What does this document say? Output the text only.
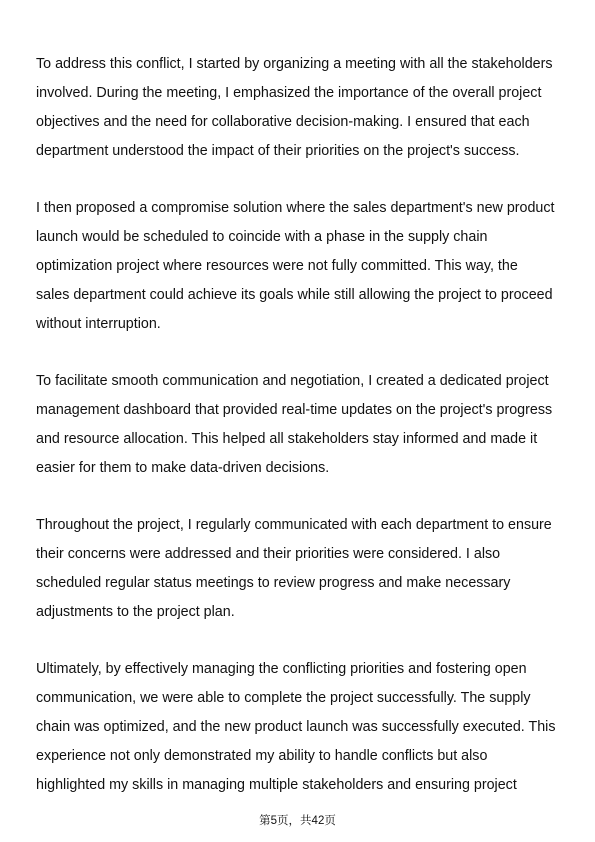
To address this conflict, I started by organizing a meeting with all the stakeholders
involved. During the meeting, I emphasized the importance of the overall project
objectives and the need for collaborative decision-making. I ensured that each
department understood the impact of their priorities on the project's success.

I then proposed a compromise solution where the sales department's new product
launch would be scheduled to coincide with a phase in the supply chain
optimization project where resources were not fully committed. This way, the
sales department could achieve its goals while still allowing the project to proceed
without interruption.

To facilitate smooth communication and negotiation, I created a dedicated project
management dashboard that provided real-time updates on the project's progress
and resource allocation. This helped all stakeholders stay informed and made it
easier for them to make data-driven decisions.

Throughout the project, I regularly communicated with each department to ensure
their concerns were addressed and their priorities were considered. I also
scheduled regular status meetings to review progress and make necessary
adjustments to the project plan.

Ultimately, by effectively managing the conflicting priorities and fostering open
communication, we were able to complete the project successfully. The supply
chain was optimized, and the new product launch was successfully executed. This
experience not only demonstrated my ability to handle conflicts but also
highlighted my skills in managing multiple stakeholders and ensuring project

第5页，共42页
